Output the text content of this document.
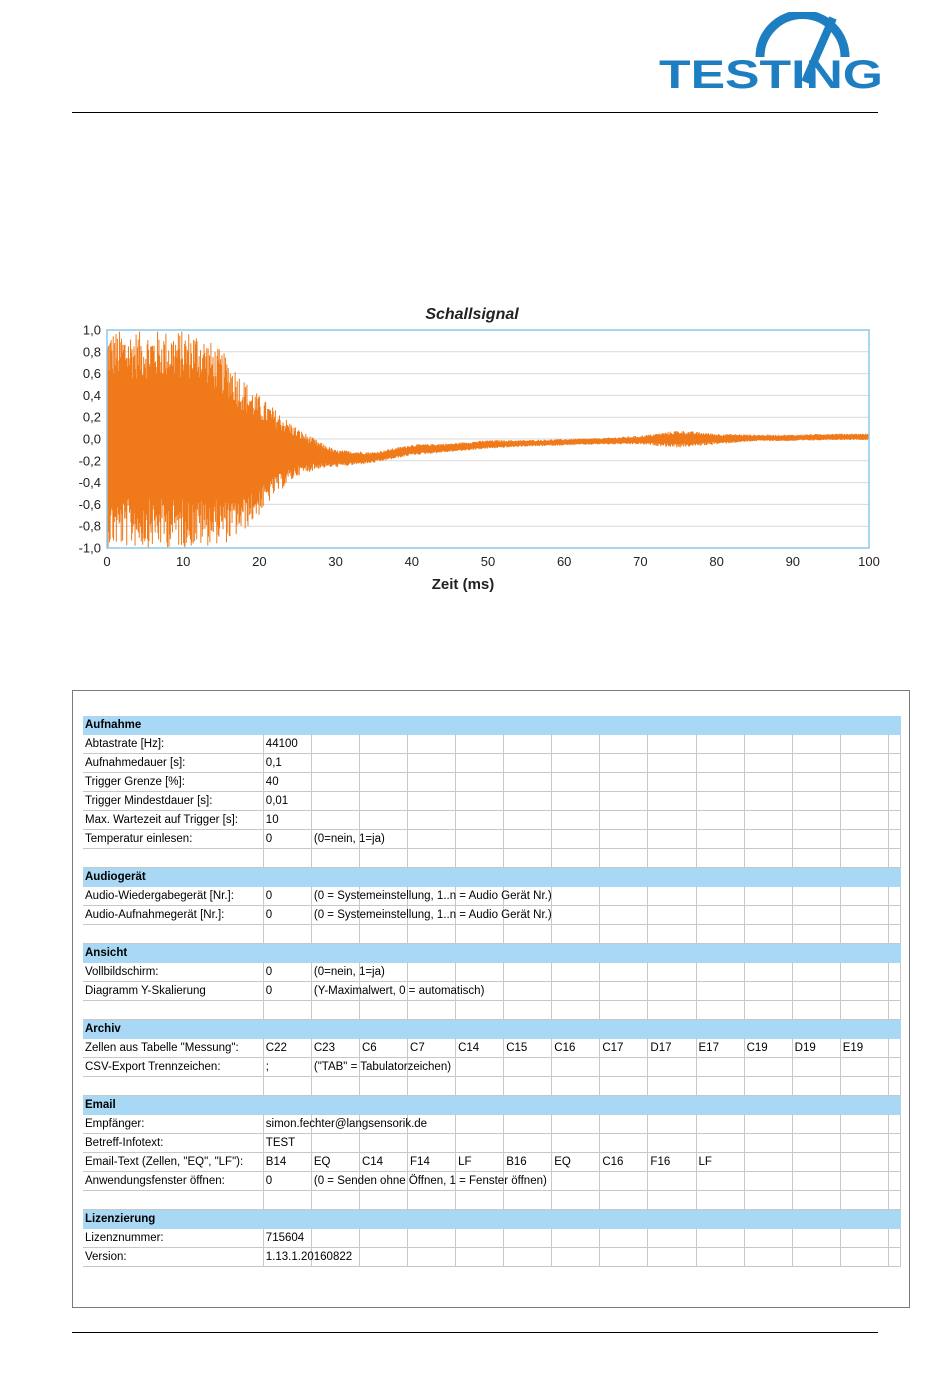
TESTING
Schallsignal
1,0
0,8
0,6
0,4
0,2
0,0
-0,2
-0,4
-0,6
-0,8
-1,0
0	10	20	30	40	50	60	70	80	90	100
Zeit (ms)
Aufnahme														
Abtastrate [Hz]:	44100													
Aufnahmedauer [s]:	0,1													
Trigger Grenze [%]:	40													
Trigger Mindestdauer [s]:	0,01													
Max. Wartezeit auf Trigger [s]:	10													
Temperatur einlesen:	0	(0=nein, 1=ja)												

Audiogerät														
Audio-Wiedergabegerät [Nr.]:	0	(0 = Systemeinstellung, 1..n = Audio Gerät Nr.)												
Audio-Aufnahmegerät [Nr.]:	0	(0 = Systemeinstellung, 1..n = Audio Gerät Nr.)												

Ansicht														
Vollbildschirm:	0	(0=nein, 1=ja)												
Diagramm Y-Skalierung	0	(Y-Maximalwert, 0 = automatisch)												

Archiv														
Zellen aus Tabelle "Messung":	C22	C23	C6	C7	C14	C15	C16	C17	D17	E17	C19	D19	E19	
CSV-Export Trennzeichen:	;	("TAB" = Tabulatorzeichen)												

Email														
Empfänger:	simon.fechter@langsensorik.de													
Betreff-Infotext:	TEST													
Email-Text (Zellen, "EQ", "LF"):	B14	EQ	C14	F14	LF	B16	EQ	C16	F16	LF				
Anwendungsfenster öffnen:	0	(0 = Senden ohne Öffnen, 1 = Fenster öffnen)												

Lizenzierung														
Lizenznummer:	715604													
Version:	1.13.1.20160822													
